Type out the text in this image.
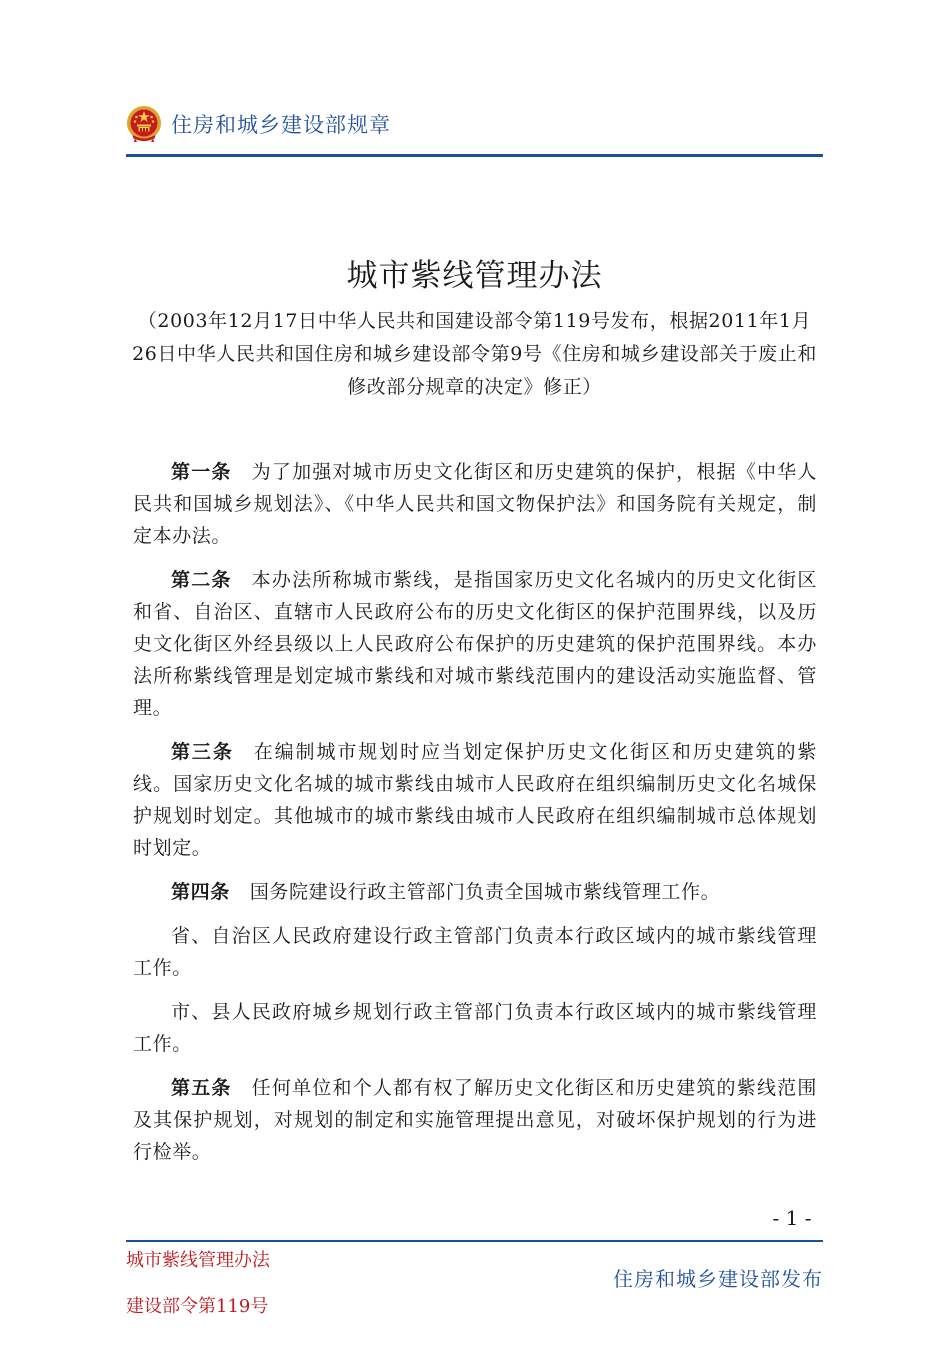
住房和城乡建设部规章
城市紫线管理办法
（2003年12月17日中华人民共和国建设部令第119号发布，根据2011年1月26日中华人民共和国住房和城乡建设部令第9号《住房和城乡建设部关于废止和修改部分规章的决定》修正）

第一条 为了加强对城市历史文化街区和历史建筑的保护，根据《中华人民共和国城乡规划法》、《中华人民共和国文物保护法》和国务院有关规定，制定本办法。

第二条 本办法所称城市紫线，是指国家历史文化名城内的历史文化街区和省、自治区、直辖市人民政府公布的历史文化街区的保护范围界线，以及历史文化街区外经县级以上人民政府公布保护的历史建筑的保护范围界线。本办法所称紫线管理是划定城市紫线和对城市紫线范围内的建设活动实施监督、管理。

第三条 在编制城市规划时应当划定保护历史文化街区和历史建筑的紫线。国家历史文化名城的城市紫线由城市人民政府在组织编制历史文化名城保护规划时划定。其他城市的城市紫线由城市人民政府在组织编制城市总体规划时划定。

第四条 国务院建设行政主管部门负责全国城市紫线管理工作。

省、自治区人民政府建设行政主管部门负责本行政区域内的城市紫线管理工作。

市、县人民政府城乡规划行政主管部门负责本行政区域内的城市紫线管理工作。

第五条 任何单位和个人都有权了解历史文化街区和历史建筑的紫线范围及其保护规划，对规划的制定和实施管理提出意见，对破坏保护规划的行为进行检举。

- 1 -
城市紫线管理办法
建设部令第119号
住房和城乡建设部发布
